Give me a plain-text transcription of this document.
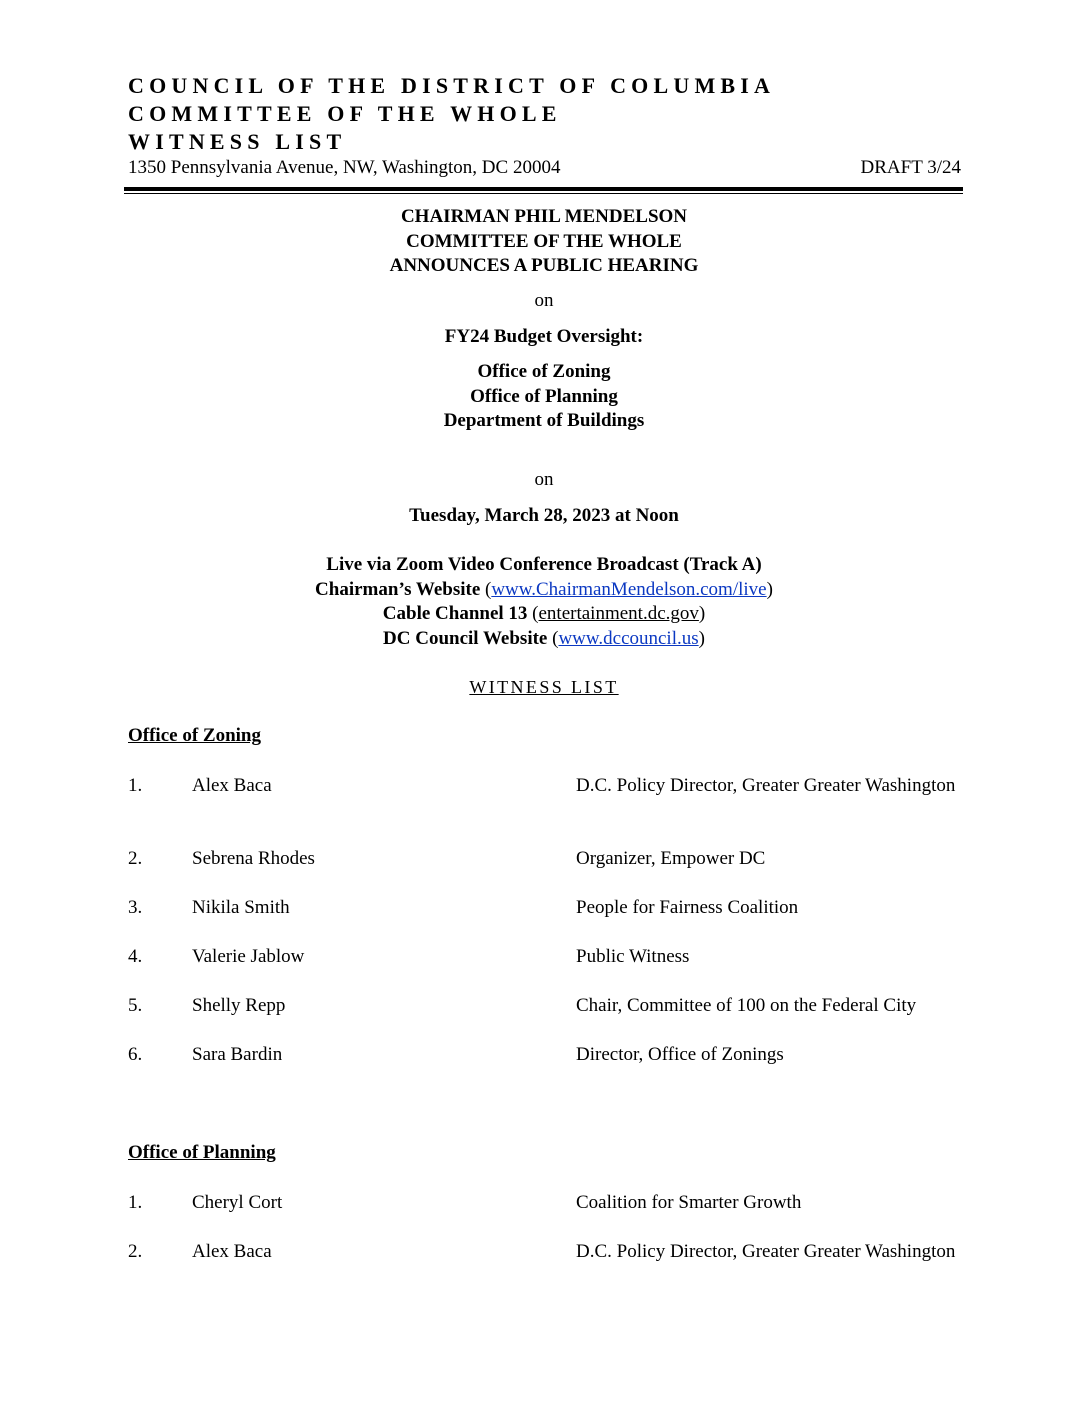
COUNCIL OF THE DISTRICT OF COLUMBIA
COMMITTEE OF THE WHOLE
WITNESS LIST
1350 Pennsylvania Avenue, NW, Washington, DC 20004	DRAFT 3/24
CHAIRMAN PHIL MENDELSON
COMMITTEE OF THE WHOLE
ANNOUNCES A PUBLIC HEARING
on
FY24 Budget Oversight:
Office of Zoning
Office of Planning
Department of Buildings
on
Tuesday, March 28, 2023 at Noon
Live via Zoom Video Conference Broadcast (Track A)
Chairman’s Website (www.ChairmanMendelson.com/live)
Cable Channel 13 (entertainment.dc.gov)
DC Council Website (www.dccouncil.us)
WITNESS LIST
Office of Zoning
1.	Alex Baca	D.C. Policy Director, Greater Greater Washington
2.	Sebrena Rhodes	Organizer, Empower DC
3.	Nikila Smith	People for Fairness Coalition
4.	Valerie Jablow	Public Witness
5.	Shelly Repp	Chair, Committee of 100 on the Federal City
6.	Sara Bardin	Director, Office of Zonings
Office of Planning
1.	Cheryl Cort	Coalition for Smarter Growth
2.	Alex Baca	D.C. Policy Director, Greater Greater Washington
